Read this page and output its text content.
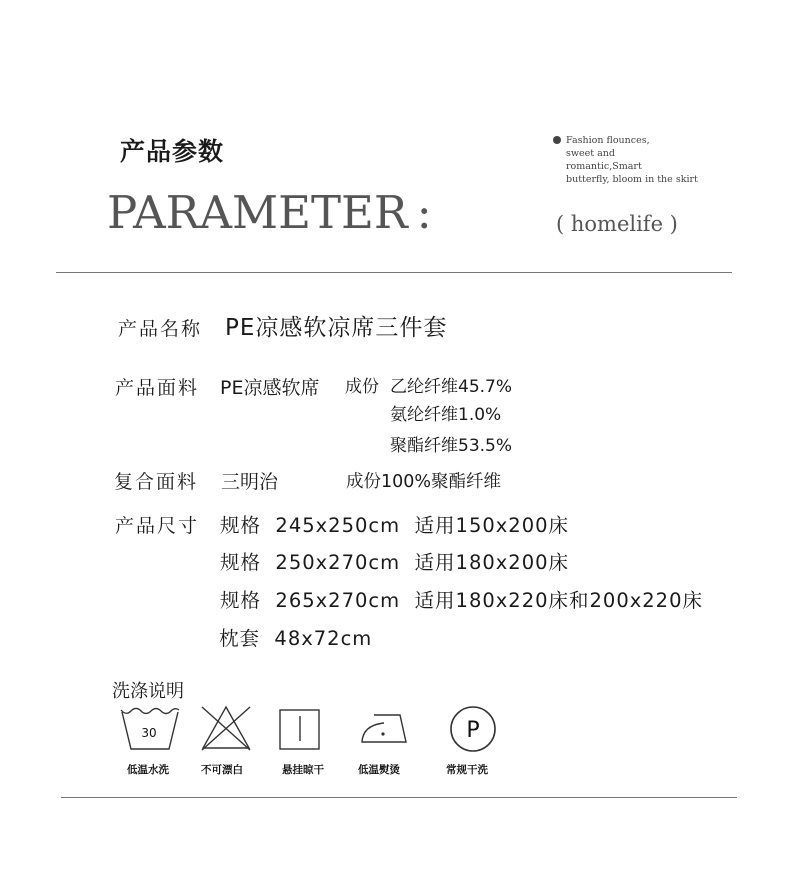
产品参数
PARAMETER :
Fashion flounces,
sweet and
romantic,Smart
butterfly, bloom in the skirt
( homelife )
产品名称 PE凉感软凉席三件套
产品面料 PE凉感软席 成份 乙纶纤维45.7%
氨纶纤维1.0%
聚酯纤维53.5%
复合面料 三明治	成份100%聚酯纤维
产品尺寸 规格 245x250cm 适用150x200床
规格 250x270cm 适用180x200床
规格 265x270cm 适用180x220床和200x220床
枕套 48x72cm
洗涤说明
30	P
低温水洗	不可漂白	悬挂晾干	低温熨烫	常规干洗
